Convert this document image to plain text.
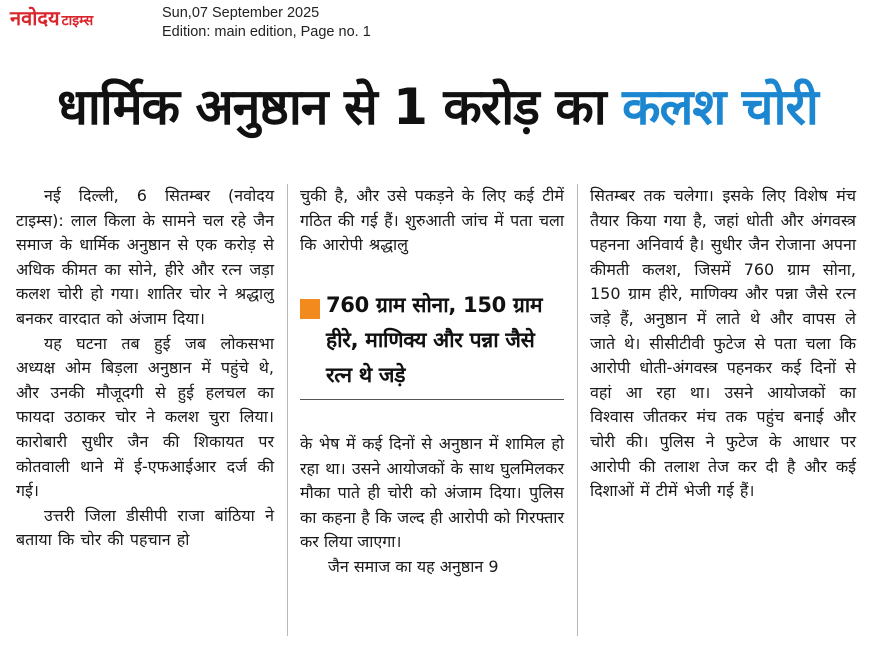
नवोदय टाइम्स	Sun,07 September 2025
Edition: main edition, Page no. 1
धार्मिक अनुष्ठान से 1 करोड़ का कलश चोरी

नई दिल्ली, 6 सितम्बर (नवोदय टाइम्स): लाल किला के सामने चल रहे जैन समाज के धार्मिक अनुष्ठान से एक करोड़ से अधिक कीमत का सोने, हीरे और रत्न जड़ा कलश चोरी हो गया। शातिर चोर ने श्रद्धालु बनकर वारदात को अंजाम दिया।

यह घटना तब हुई जब लोकसभा अध्यक्ष ओम बिड़ला अनुष्ठान में पहुंचे थे, और उनकी मौजूदगी से हुई हलचल का फायदा उठाकर चोर ने कलश चुरा लिया। कारोबारी सुधीर जैन की शिकायत पर कोतवाली थाने में ई-एफआईआर दर्ज की गई।

उत्तरी जिला डीसीपी राजा बांठिया ने बताया कि चोर की पहचान हो

चुकी है, और उसे पकड़ने के लिए कई टीमें गठित की गई हैं। शुरुआती जांच में पता चला कि आरोपी श्रद्धालु

760 ग्राम सोना, 150 ग्राम हीरे, माणिक्य और पन्ना जैसे रत्न थे जड़े

के भेष में कई दिनों से अनुष्ठान में शामिल हो रहा था। उसने आयोजकों के साथ घुलमिलकर मौका पाते ही चोरी को अंजाम दिया। पुलिस का कहना है कि जल्द ही आरोपी को गिरफ्तार कर लिया जाएगा।

जैन समाज का यह अनुष्ठान 9

सितम्बर तक चलेगा। इसके लिए विशेष मंच तैयार किया गया है, जहां धोती और अंगवस्त्र पहनना अनिवार्य है। सुधीर जैन रोजाना अपना कीमती कलश, जिसमें 760 ग्राम सोना, 150 ग्राम हीरे, माणिक्य और पन्ना जैसे रत्न जड़े हैं, अनुष्ठान में लाते थे और वापस ले जाते थे। सीसीटीवी फुटेज से पता चला कि आरोपी धोती-अंगवस्त्र पहनकर कई दिनों से वहां आ रहा था। उसने आयोजकों का विश्वास जीतकर मंच तक पहुंच बनाई और चोरी की। पुलिस ने फुटेज के आधार पर आरोपी की तलाश तेज कर दी है और कई दिशाओं में टीमें भेजी गई हैं।
